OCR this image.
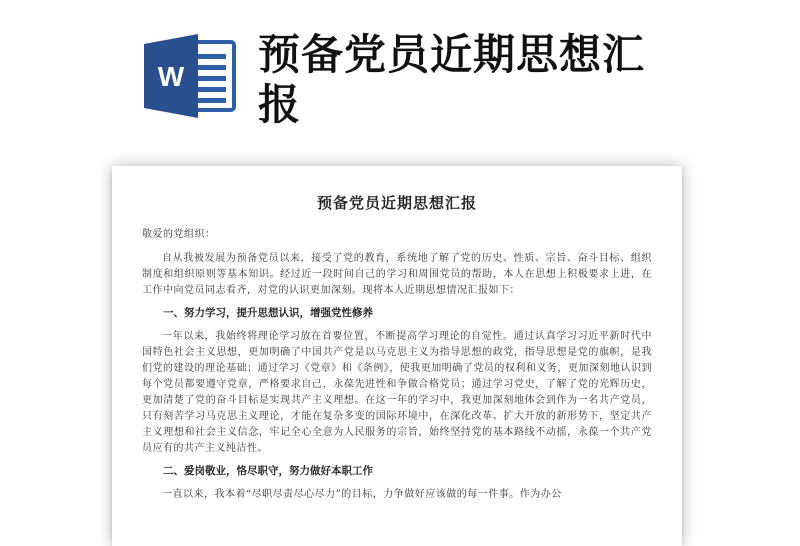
W 预备党员近期思想汇报
预备党员近期思想汇报

敬爱的党组织：

自从我被发展为预备党员以来，接受了党的教育，系统地了解了党的历史、性质、宗旨、奋斗目标、组织制度和组织原则等基本知识。经过近一段时间自己的学习和周围党员的帮助，本人在思想上积极要求上进，在工作中向党员同志看齐，对党的认识更加深刻。现将本人近期思想情况汇报如下：

一、努力学习，提升思想认识，增强党性修养

一年以来，我始终将理论学习放在首要位置，不断提高学习理论的自觉性。通过认真学习习近平新时代中国特色社会主义思想，更加明确了中国共产党是以马克思主义为指导思想的政党，指导思想是党的旗帜，是我们党的建设的理论基础；通过学习《党章》和《条例》，使我更加明确了党员的权利和义务，更加深刻地认识到每个党员都要遵守党章，严格要求自己，永葆先进性和争做合格党员；通过学习党史，了解了党的光辉历史，更加清楚了党的奋斗目标是实现共产主义理想。在这一年的学习中，我更加深刻地体会到作为一名共产党员，只有刻苦学习马克思主义理论，才能在复杂多变的国际环境中，在深化改革、扩大开放的新形势下，坚定共产主义理想和社会主义信念，牢记全心全意为人民服务的宗旨，始终坚持党的基本路线不动摇，永葆一个共产党员应有的共产主义纯洁性。

二、爱岗敬业，恪尽职守，努力做好本职工作

一直以来，我本着“尽职尽责尽心尽力”的目标，力争做好应该做的每一件事。作为办公
